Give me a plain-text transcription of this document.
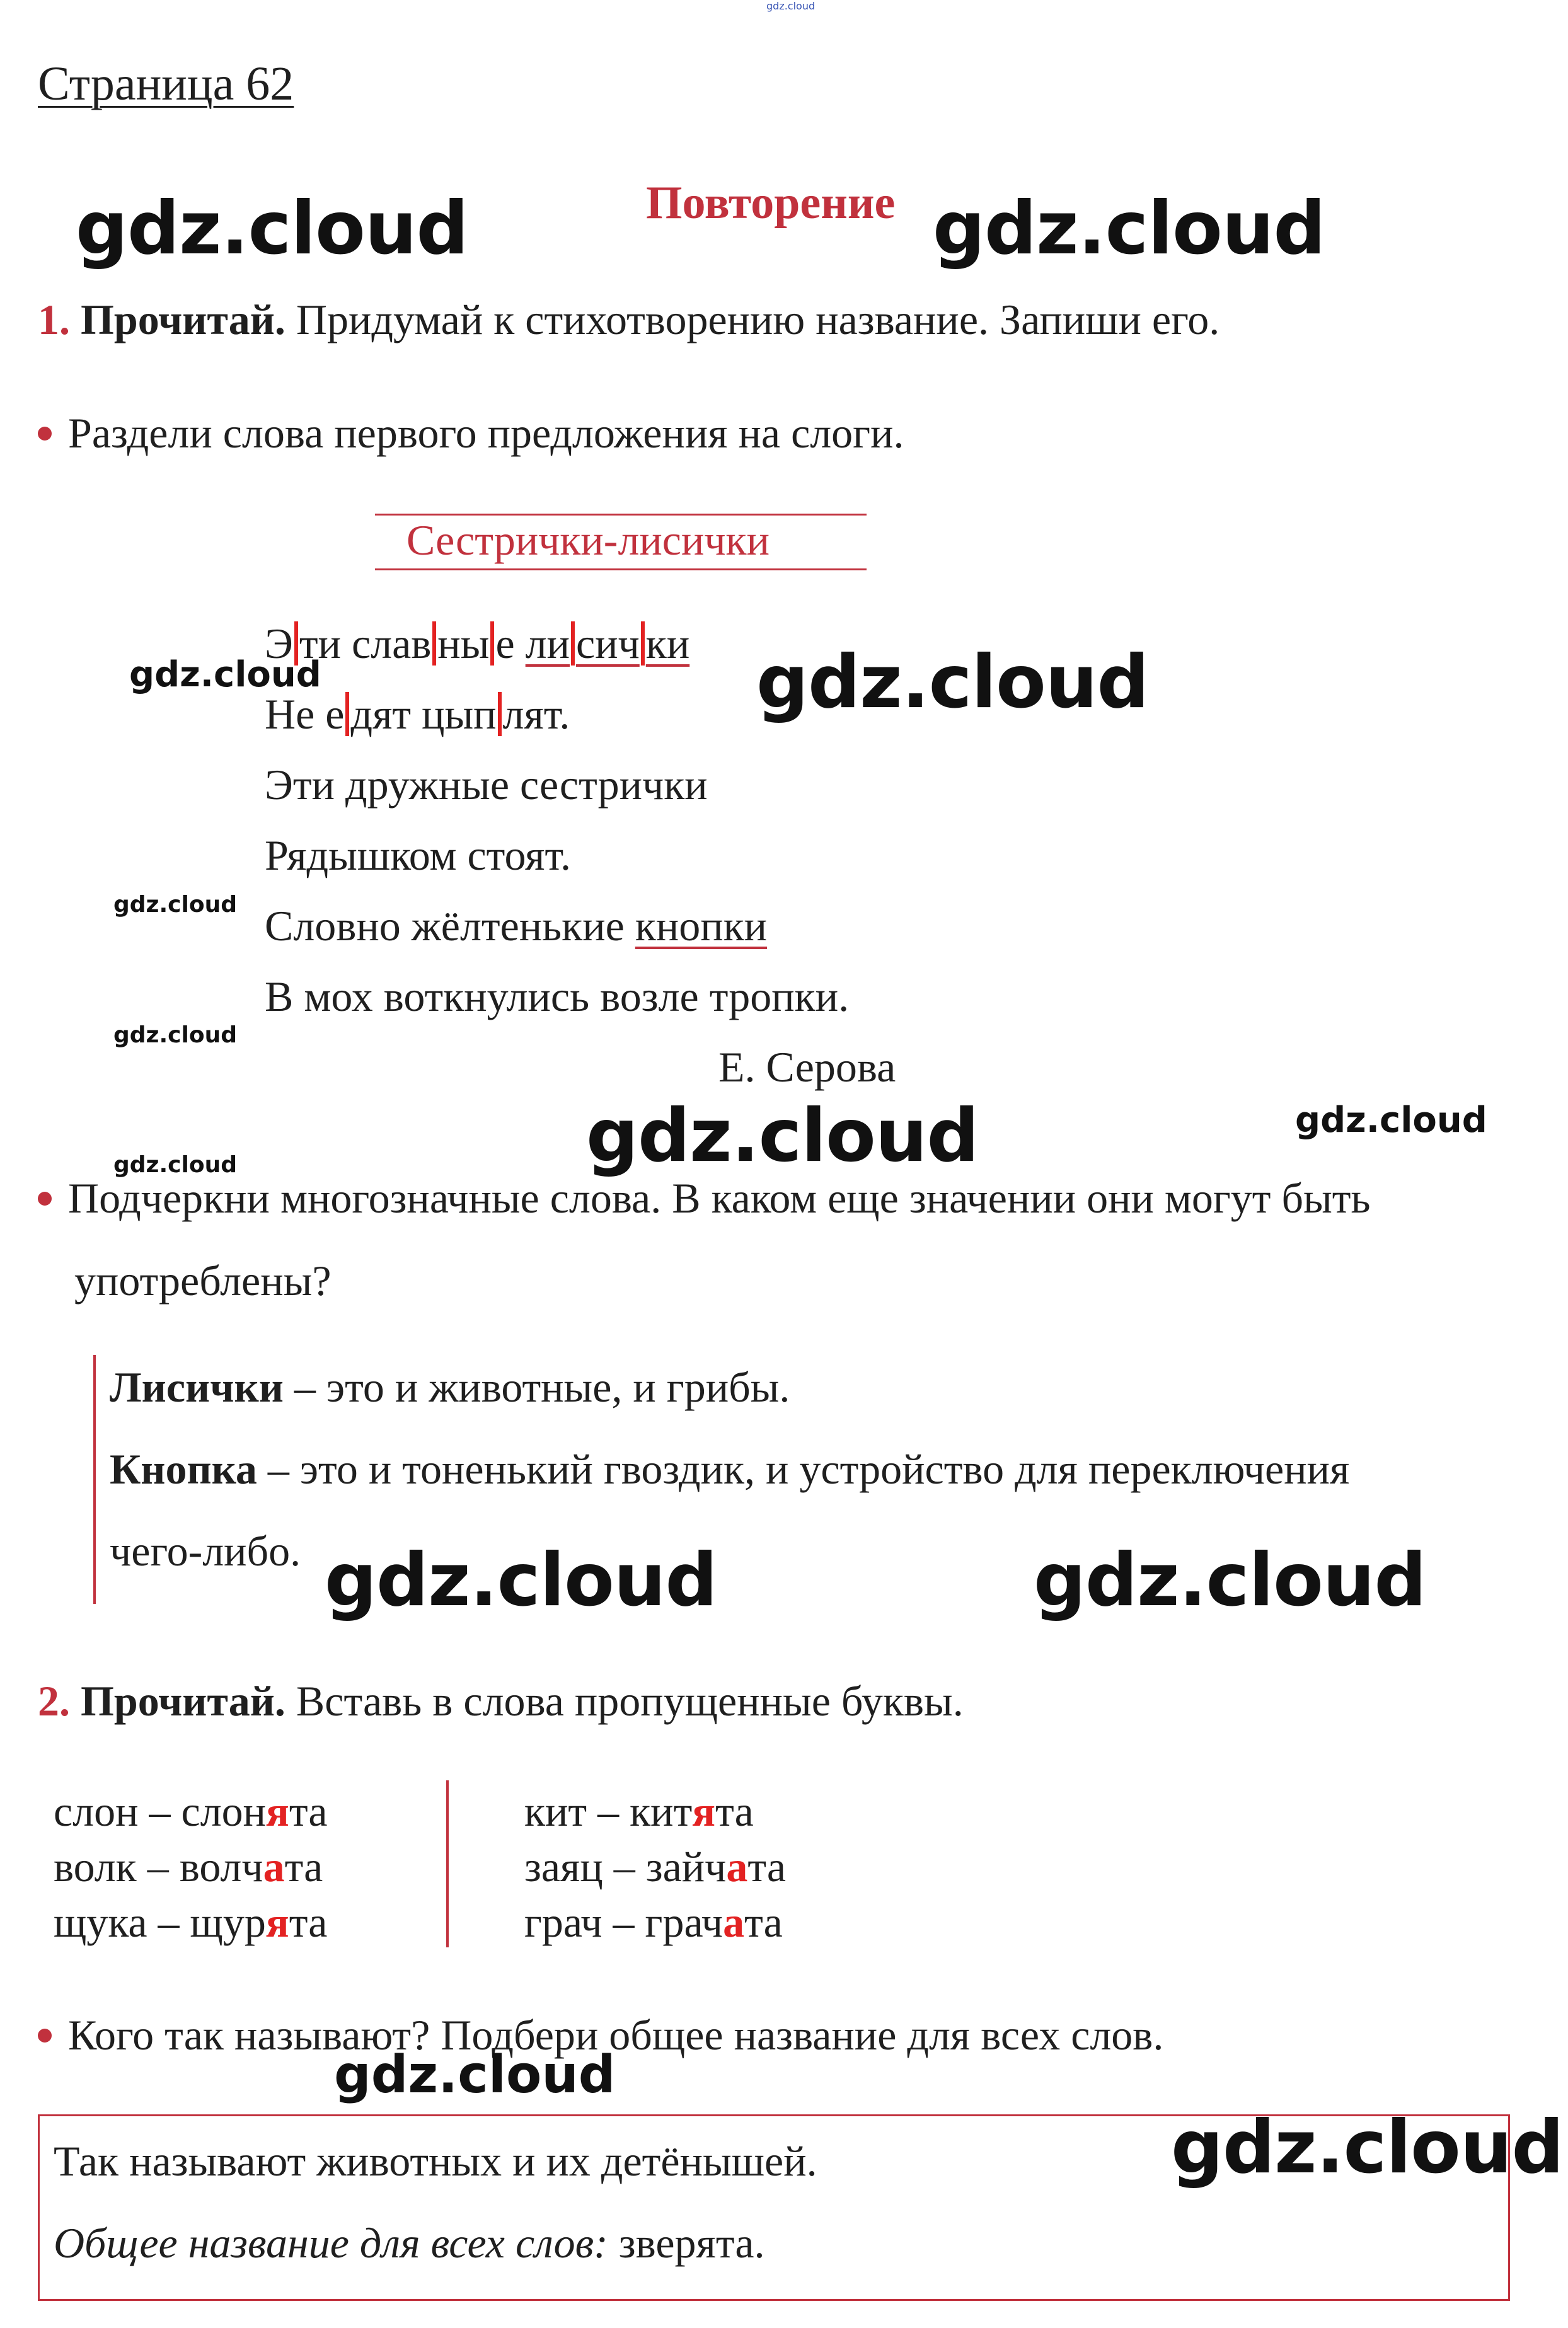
gdz.cloud
Страница 62
Повторение
gdz.cloud	gdz.cloud
1. Прочитай. Придумай к стихотворению название. Запиши его.
Раздели слова первого предложения на слоги.
Сестрички-лисички
Э ти слав ны е ли сич ки
Не е дят цып лят.
Эти дружные сестрички
Рядышком стоят.
Словно жёлтенькие кнопки
В мох воткнулись возле тропки.
Е. Серова
gdz.cloud	gdz.cloud
gdz.cloud
gdz.cloud
gdz.cloud	gdz.cloud
gdz.cloud
Подчеркни многозначные слова. В каком еще значении они могут быть
употреблены?
Лисички – это и животные, и грибы.
Кнопка – это и тоненький гвоздик, и устройство для переключения
чего-либо. gdz.cloud	gdz.cloud
2. Прочитай. Вставь в слова пропущенные буквы.
слон – слонята
волк – волчата
щука – щурята
кит – китята
заяц – зайчата
грач – грачата
Кого так называют? Подбери общее название для всех слов.
gdz.cloud
Так называют животных и их детёнышей.
Общее название для всех слов: зверята.
gdz.cloud
